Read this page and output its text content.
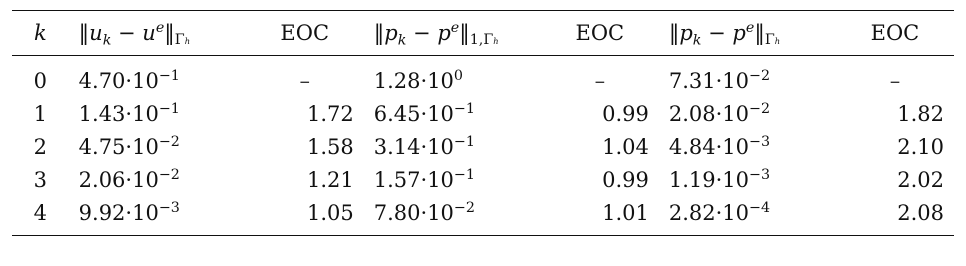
k	$‖u_k$ − $u^e‖_{\Gamma h}$	EOC	$‖p_k$ − $p^e‖_{1,\Gamma h}$	EOC	$‖p_k$ − $p^e‖_{\Gamma h}$	EOC
0	$4.70\cdot 10^{-1}$	–	$1.28\cdot 10^0$	–	$7.31\cdot 10^{-2}$	–
1	$1.43\cdot 10^{-1}$	1.72	$6.45\cdot 10^{-1}$	0.99	$2.08\cdot 10^{-2}$	1.82
2	$4.75\cdot 10^{-2}$	1.58	$3.14\cdot 10^{-1}$	1.04	$4.84\cdot 10^{-3}$	2.10
3	$2.06\cdot 10^{-2}$	1.21	$1.57\cdot 10^{-1}$	0.99	$1.19\cdot 10^{-3}$	2.02
4	$9.92\cdot 10^{-3}$	1.05	$7.80\cdot 10^{-2}$	1.01	$2.82\cdot 10^{-4}$	2.08
